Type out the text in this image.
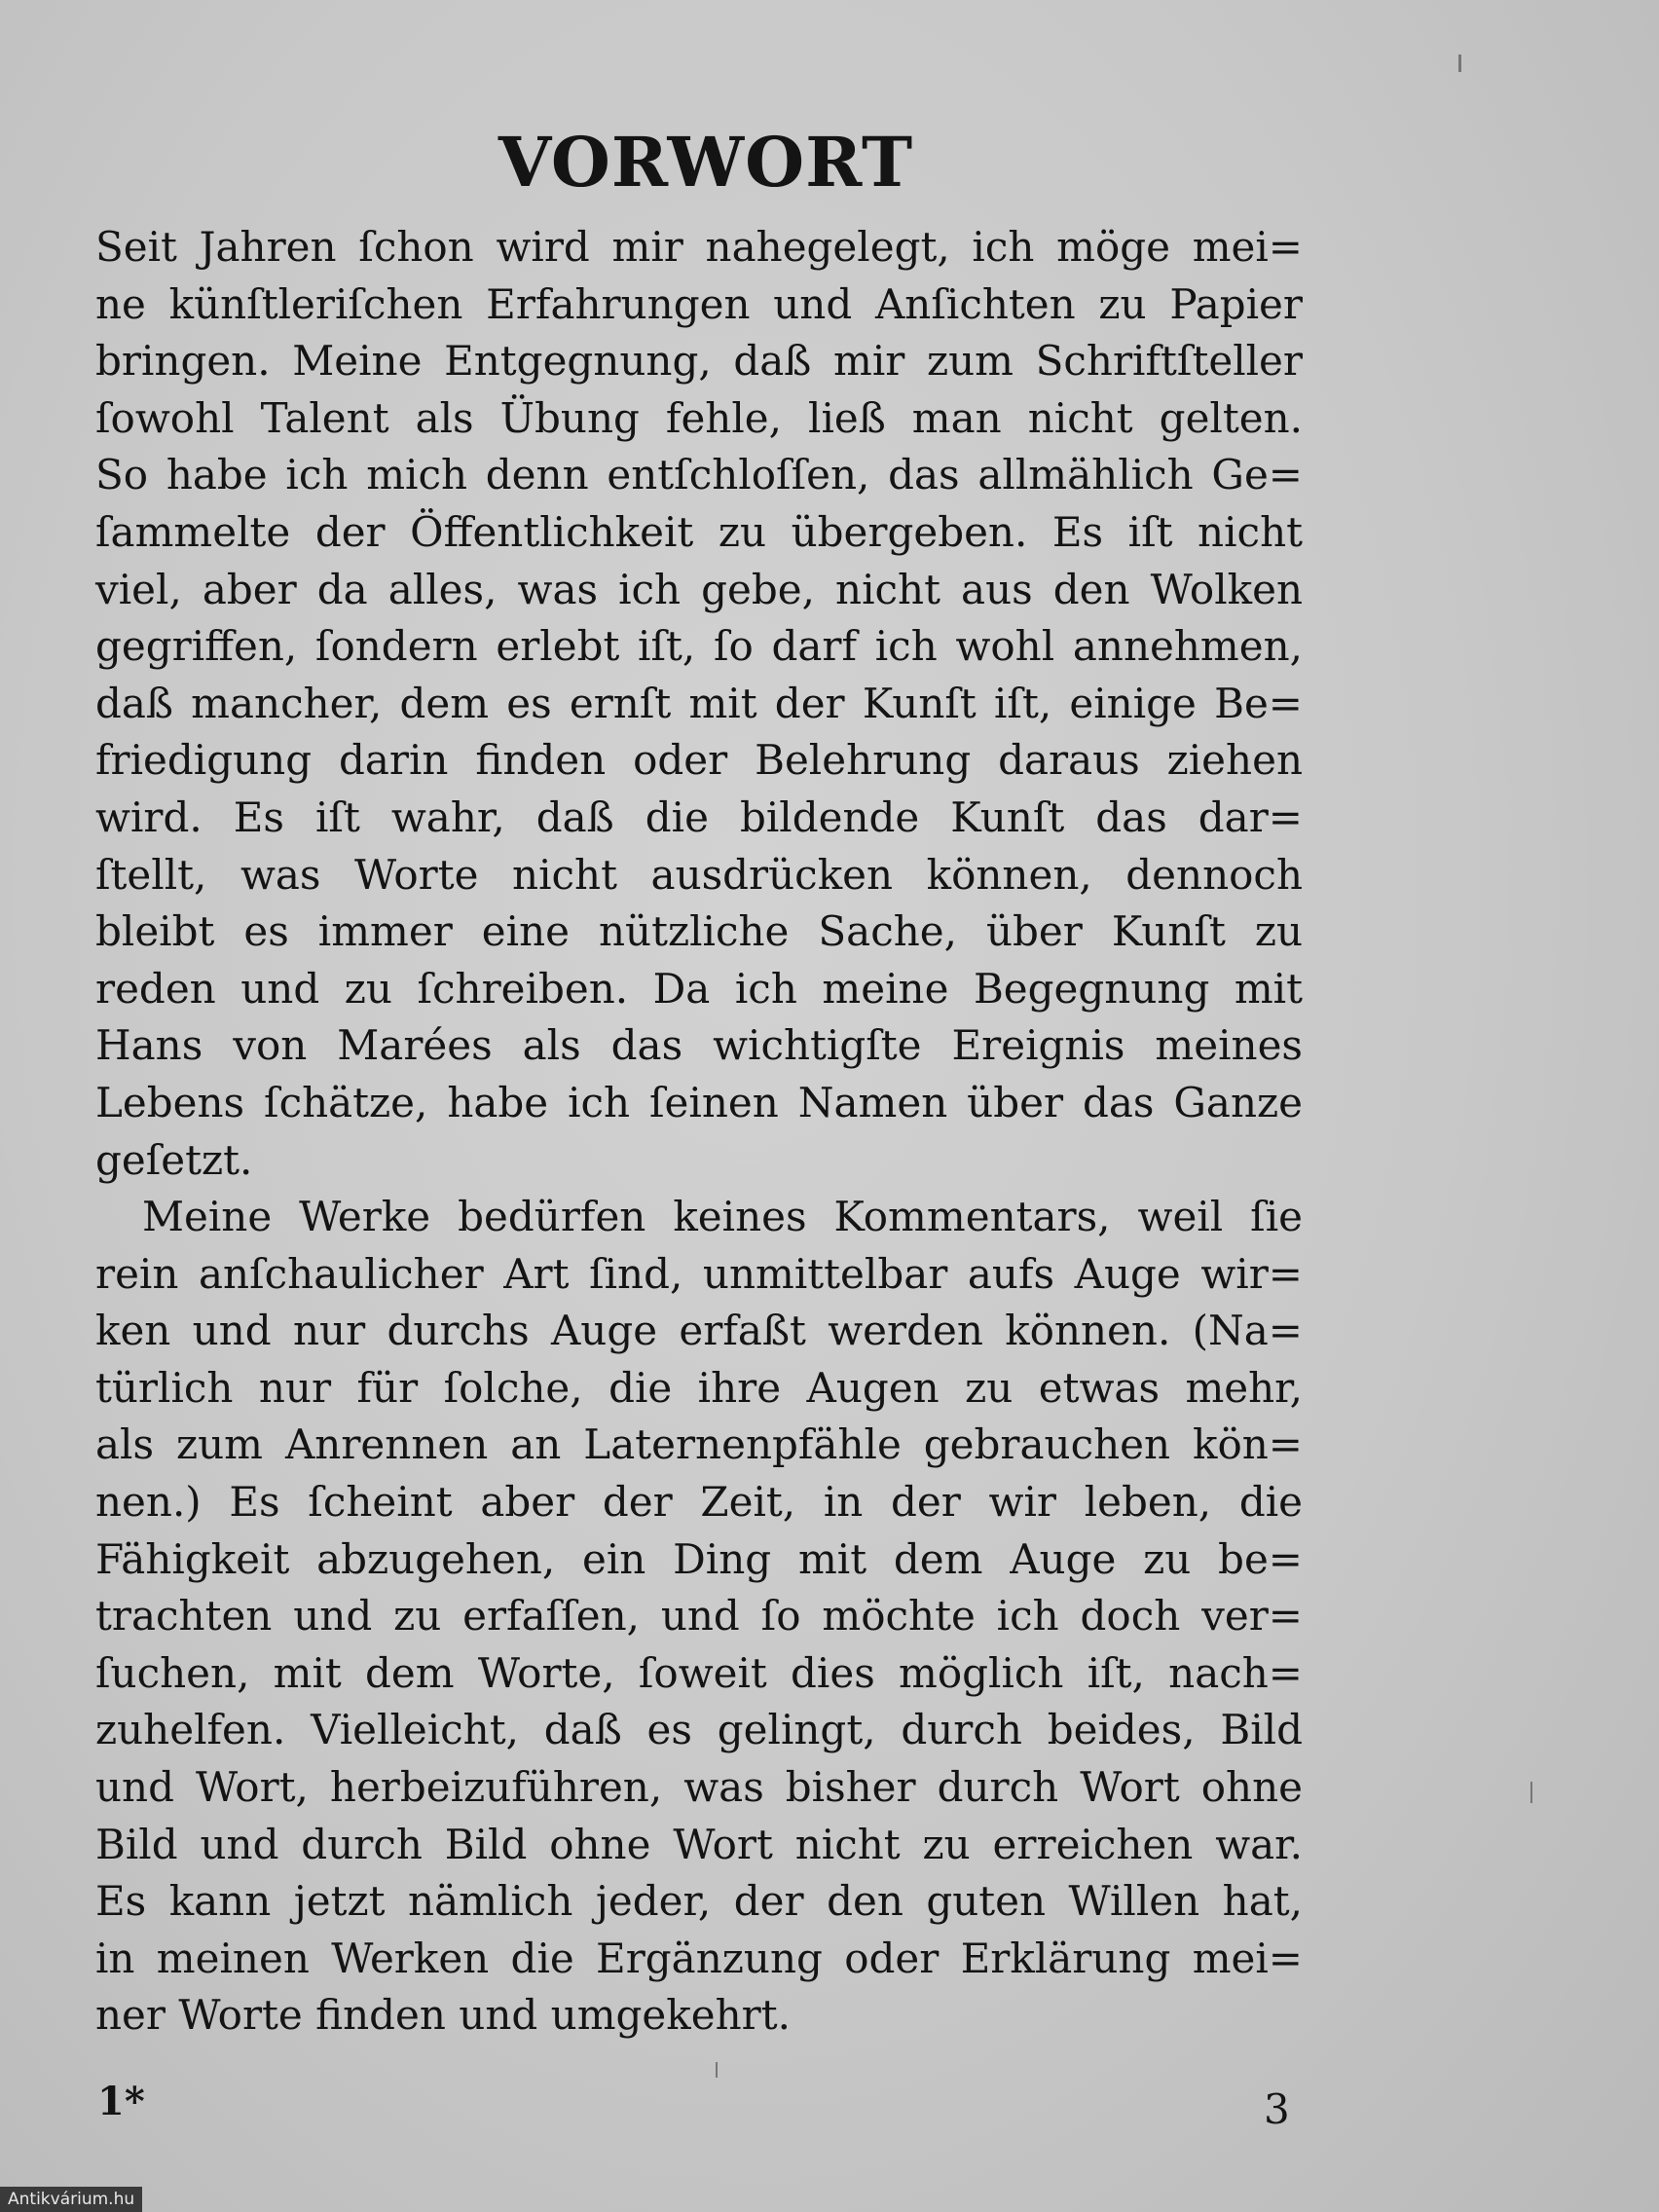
VORWORT
Seit Jahren ſchon wird mir nahegelegt, ich möge mei=
ne künſtleriſchen Erfahrungen und Anſichten zu Papier
bringen. Meine Entgegnung, daß mir zum Schriftſteller
ſowohl Talent als Übung fehle, ließ man nicht gelten.
So habe ich mich denn entſchloſſen, das allmählich Ge=
ſammelte der Öffentlichkeit zu übergeben. Es iſt nicht
viel, aber da alles, was ich gebe, nicht aus den Wolken
gegriffen, ſondern erlebt iſt, ſo darf ich wohl annehmen,
daß mancher, dem es ernſt mit der Kunſt iſt, einige Be=
friedigung darin finden oder Belehrung daraus ziehen
wird. Es iſt wahr, daß die bildende Kunſt das dar=
ſtellt, was Worte nicht ausdrücken können, dennoch
bleibt es immer eine nützliche Sache, über Kunſt zu
reden und zu ſchreiben. Da ich meine Begegnung mit
Hans von Marées als das wichtigſte Ereignis meines
Lebens ſchätze, habe ich ſeinen Namen über das Ganze
geſetzt.
Meine Werke bedürfen keines Kommentars, weil ſie
rein anſchaulicher Art ſind, unmittelbar aufs Auge wir=
ken und nur durchs Auge erfaßt werden können. (Na=
türlich nur für ſolche, die ihre Augen zu etwas mehr,
als zum Anrennen an Laternenpfähle gebrauchen kön=
nen.) Es ſcheint aber der Zeit, in der wir leben, die
Fähigkeit abzugehen, ein Ding mit dem Auge zu be=
trachten und zu erfaſſen, und ſo möchte ich doch ver=
ſuchen, mit dem Worte, ſoweit dies möglich iſt, nach=
zuhelfen. Vielleicht, daß es gelingt, durch beides, Bild
und Wort, herbeizuführen, was bisher durch Wort ohne
Bild und durch Bild ohne Wort nicht zu erreichen war.
Es kann jetzt nämlich jeder, der den guten Willen hat,
in meinen Werken die Ergänzung oder Erklärung mei=
ner Worte finden und umgekehrt.
1*	3
Antikvárium.hu
